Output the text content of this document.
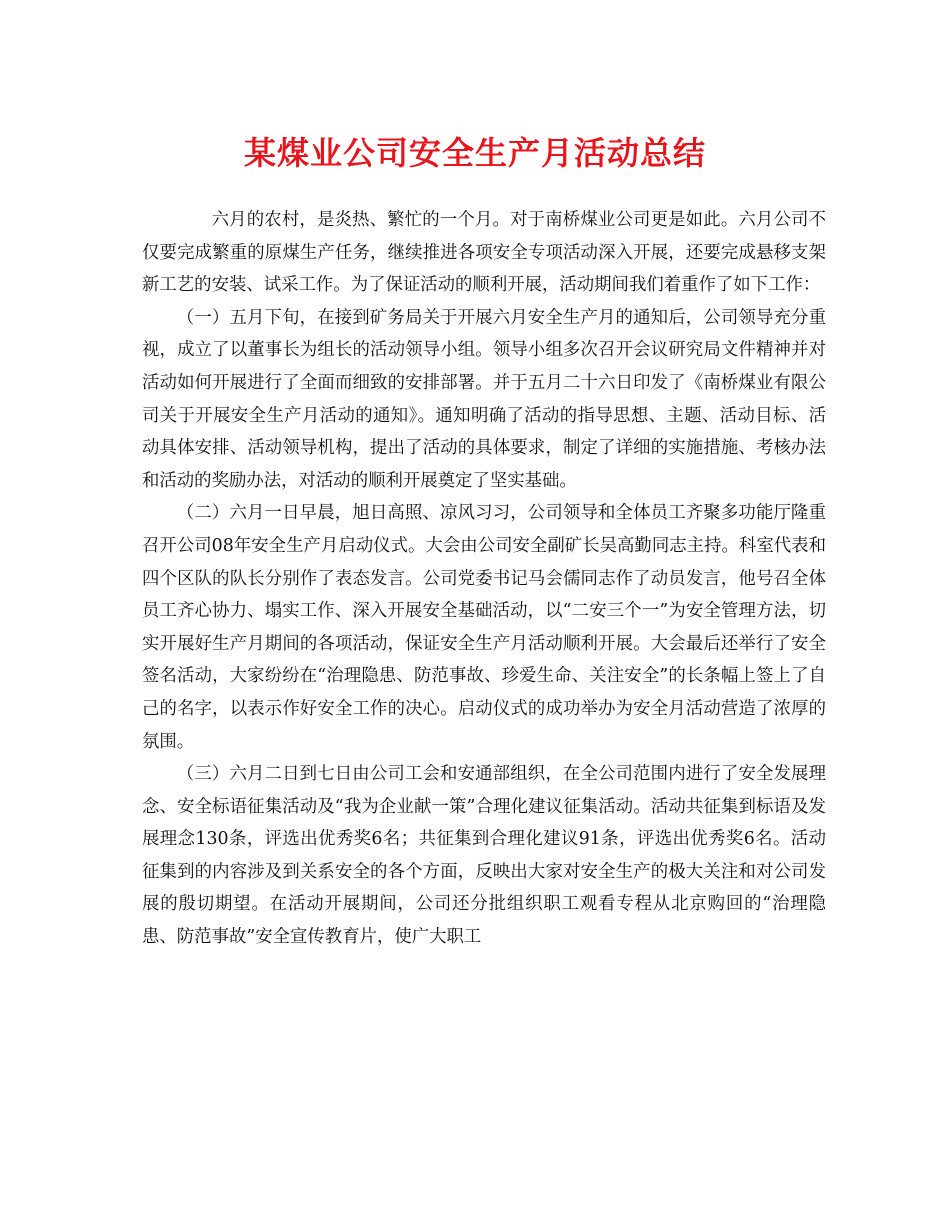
某煤业公司安全生产月活动总结

六月的农村，是炎热、繁忙的一个月。对于南桥煤业公司更是如此。六月公司不仅要完成繁重的原煤生产任务，继续推进各项安全专项活动深入开展，还要完成悬移支架新工艺的安装、试采工作。为了保证活动的顺利开展，活动期间我们着重作了如下工作：

（一）五月下旬，在接到矿务局关于开展六月安全生产月的通知后，公司领导充分重视，成立了以董事长为组长的活动领导小组。领导小组多次召开会议研究局文件精神并对活动如何开展进行了全面而细致的安排部署。并于五月二十六日印发了《南桥煤业有限公司关于开展安全生产月活动的通知》。通知明确了活动的指导思想、主题、活动目标、活动具体安排、活动领导机构，提出了活动的具体要求，制定了详细的实施措施、考核办法和活动的奖励办法，对活动的顺利开展奠定了坚实基础。

（二）六月一日早晨，旭日高照、凉风习习，公司领导和全体员工齐聚多功能厅隆重召开公司08年安全生产月启动仪式。大会由公司安全副矿长吴高勤同志主持。科室代表和四个区队的队长分别作了表态发言。公司党委书记马会儒同志作了动员发言，他号召全体员工齐心协力、塌实工作、深入开展安全基础活动，以“二安三个一”为安全管理方法，切实开展好生产月期间的各项活动，保证安全生产月活动顺利开展。大会最后还举行了安全签名活动，大家纷纷在“治理隐患、防范事故、珍爱生命、关注安全”的长条幅上签上了自己的名字，以表示作好安全工作的决心。启动仪式的成功举办为安全月活动营造了浓厚的氛围。

（三）六月二日到七日由公司工会和安通部组织，在全公司范围内进行了安全发展理念、安全标语征集活动及“我为企业献一策”合理化建议征集活动。活动共征集到标语及发展理念130条，评选出优秀奖6名；共征集到合理化建议91条，评选出优秀奖6名。活动征集到的内容涉及到关系安全的各个方面，反映出大家对安全生产的极大关注和对公司发展的殷切期望。在活动开展期间，公司还分批组织职工观看专程从北京购回的“治理隐患、防范事故”安全宣传教育片，使广大职工
